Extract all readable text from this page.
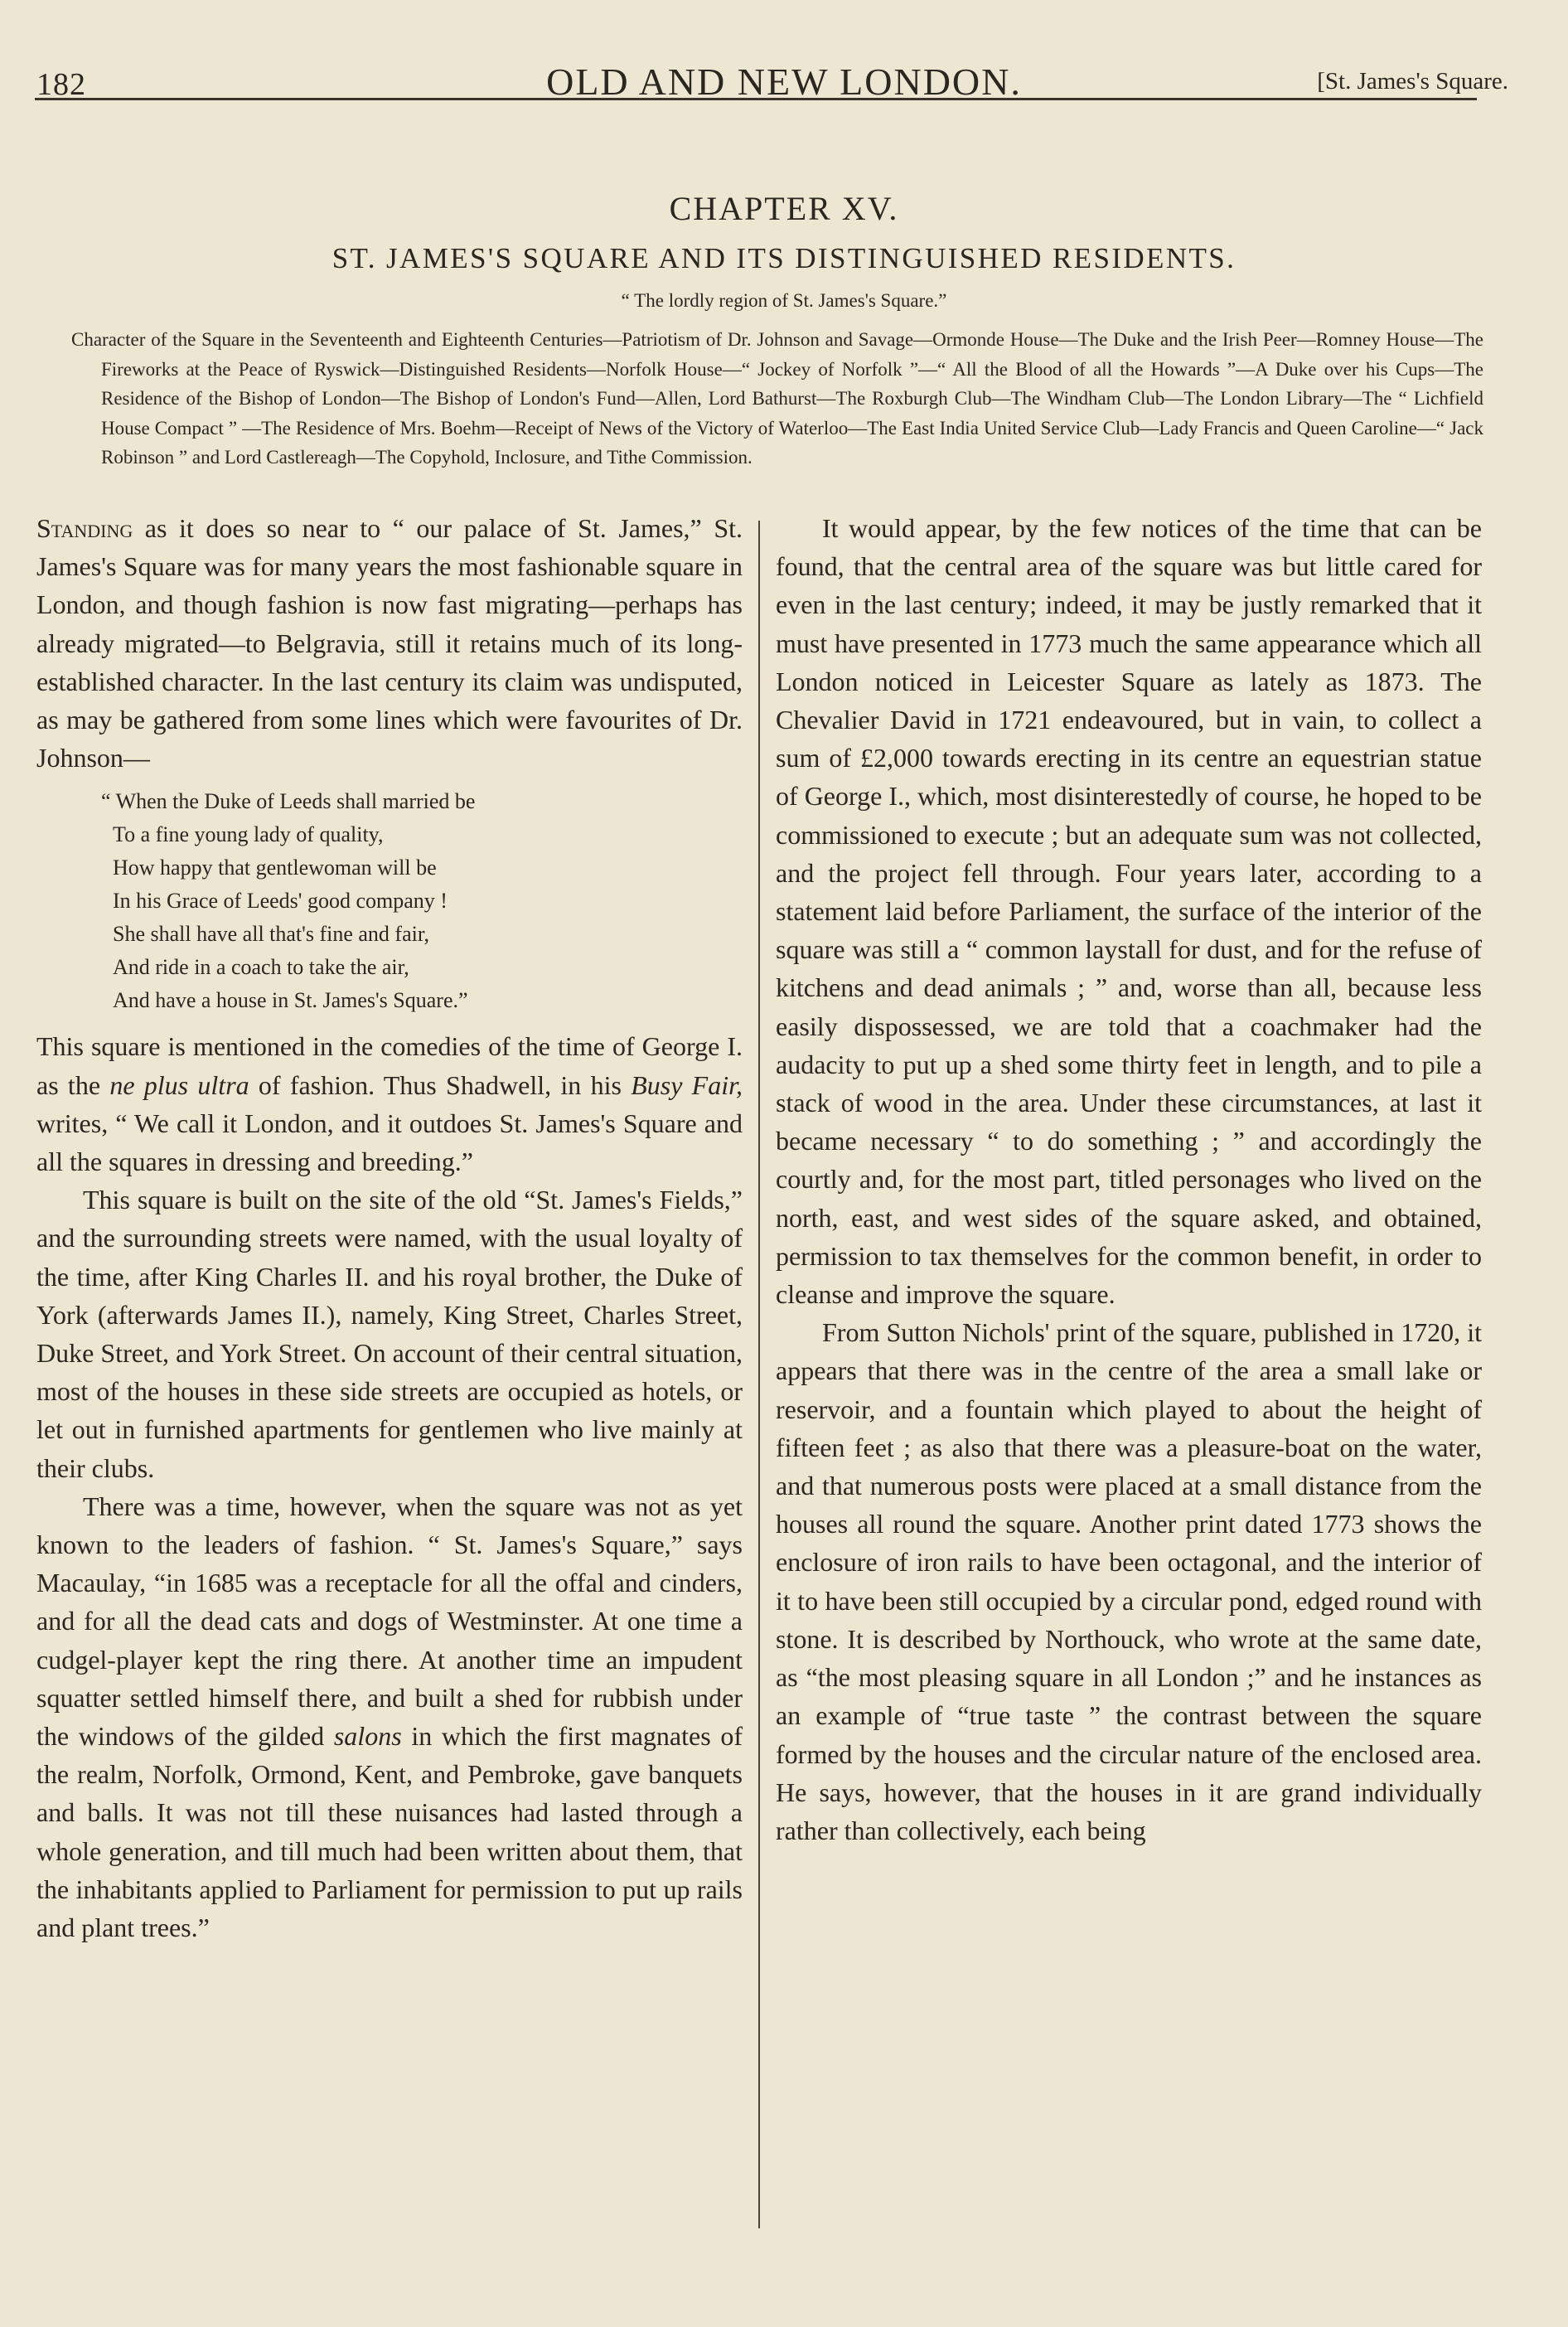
182	OLD AND NEW LONDON.	[St. James's Square.
CHAPTER XV.
ST. JAMES'S SQUARE AND ITS DISTINGUISHED RESIDENTS.
“ The lordly region of St. James's Square.”
Character of the Square in the Seventeenth and Eighteenth Centuries—Patriotism of Dr. Johnson and Savage—Ormonde House—The Duke and the Irish Peer—Romney House—The Fireworks at the Peace of Ryswick—Distinguished Residents—Norfolk House—“ Jockey of Norfolk ”—“ All the Blood of all the Howards ”—A Duke over his Cups—The Residence of the Bishop of London—The Bishop of London's Fund—Allen, Lord Bathurst—The Roxburgh Club—The Windham Club—The London Library—The “ Lichfield House Compact ” —The Residence of Mrs. Boehm—Receipt of News of the Victory of Waterloo—The East India United Service Club—Lady Francis and Queen Caroline—“ Jack Robinson ” and Lord Castlereagh—The Copyhold, Inclosure, and Tithe Commission.

Standing as it does so near to “ our palace of St. James,” St. James's Square was for many years the most fashionable square in London, and though fashion is now fast migrating—perhaps has already migrated—to Belgravia, still it retains much of its long-established character. In the last century its claim was undisputed, as may be gathered from some lines which were favourites of Dr. Johnson—

“ When the Duke of Leeds shall married be
To a fine young lady of quality,
How happy that gentlewoman will be
In his Grace of Leeds' good company !
She shall have all that's fine and fair,
And ride in a coach to take the air,
And have a house in St. James's Square.”

This square is mentioned in the comedies of the time of George I. as the ne plus ultra of fashion. Thus Shadwell, in his Busy Fair, writes, “ We call it London, and it outdoes St. James's Square and all the squares in dressing and breeding.”

This square is built on the site of the old “St. James's Fields,” and the surrounding streets were named, with the usual loyalty of the time, after King Charles II. and his royal brother, the Duke of York (afterwards James II.), namely, King Street, Charles Street, Duke Street, and York Street. On account of their central situation, most of the houses in these side streets are occupied as hotels, or let out in furnished apartments for gentlemen who live mainly at their clubs.

There was a time, however, when the square was not as yet known to the leaders of fashion. “ St. James's Square,” says Macaulay, “in 1685 was a receptacle for all the offal and cinders, and for all the dead cats and dogs of Westminster. At one time a cudgel-player kept the ring there. At another time an impudent squatter settled himself there, and built a shed for rubbish under the windows of the gilded salons in which the first magnates of the realm, Norfolk, Ormond, Kent, and Pembroke, gave banquets and balls. It was not till these nuisances had lasted through a whole generation, and till much had been written about them, that the inhabitants applied to Parliament for permission to put up rails and plant trees.”

It would appear, by the few notices of the time that can be found, that the central area of the square was but little cared for even in the last century; indeed, it may be justly remarked that it must have presented in 1773 much the same appearance which all London noticed in Leicester Square as lately as 1873. The Chevalier David in 1721 endeavoured, but in vain, to collect a sum of £2,000 towards erecting in its centre an equestrian statue of George I., which, most disinterestedly of course, he hoped to be commissioned to execute ; but an adequate sum was not collected, and the project fell through. Four years later, according to a statement laid before Parliament, the surface of the interior of the square was still a “ common laystall for dust, and for the refuse of kitchens and dead animals ; ” and, worse than all, because less easily dispossessed, we are told that a coachmaker had the audacity to put up a shed some thirty feet in length, and to pile a stack of wood in the area. Under these circumstances, at last it became necessary “ to do something ; ” and accordingly the courtly and, for the most part, titled personages who lived on the north, east, and west sides of the square asked, and obtained, permission to tax themselves for the common benefit, in order to cleanse and improve the square.

From Sutton Nichols' print of the square, published in 1720, it appears that there was in the centre of the area a small lake or reservoir, and a fountain which played to about the height of fifteen feet ; as also that there was a pleasure-boat on the water, and that numerous posts were placed at a small distance from the houses all round the square. Another print dated 1773 shows the enclosure of iron rails to have been octagonal, and the interior of it to have been still occupied by a circular pond, edged round with stone. It is described by Northouck, who wrote at the same date, as “the most pleasing square in all London ;” and he instances as an example of “true taste ” the contrast between the square formed by the houses and the circular nature of the enclosed area. He says, however, that the houses in it are grand individually rather than collectively, each being
